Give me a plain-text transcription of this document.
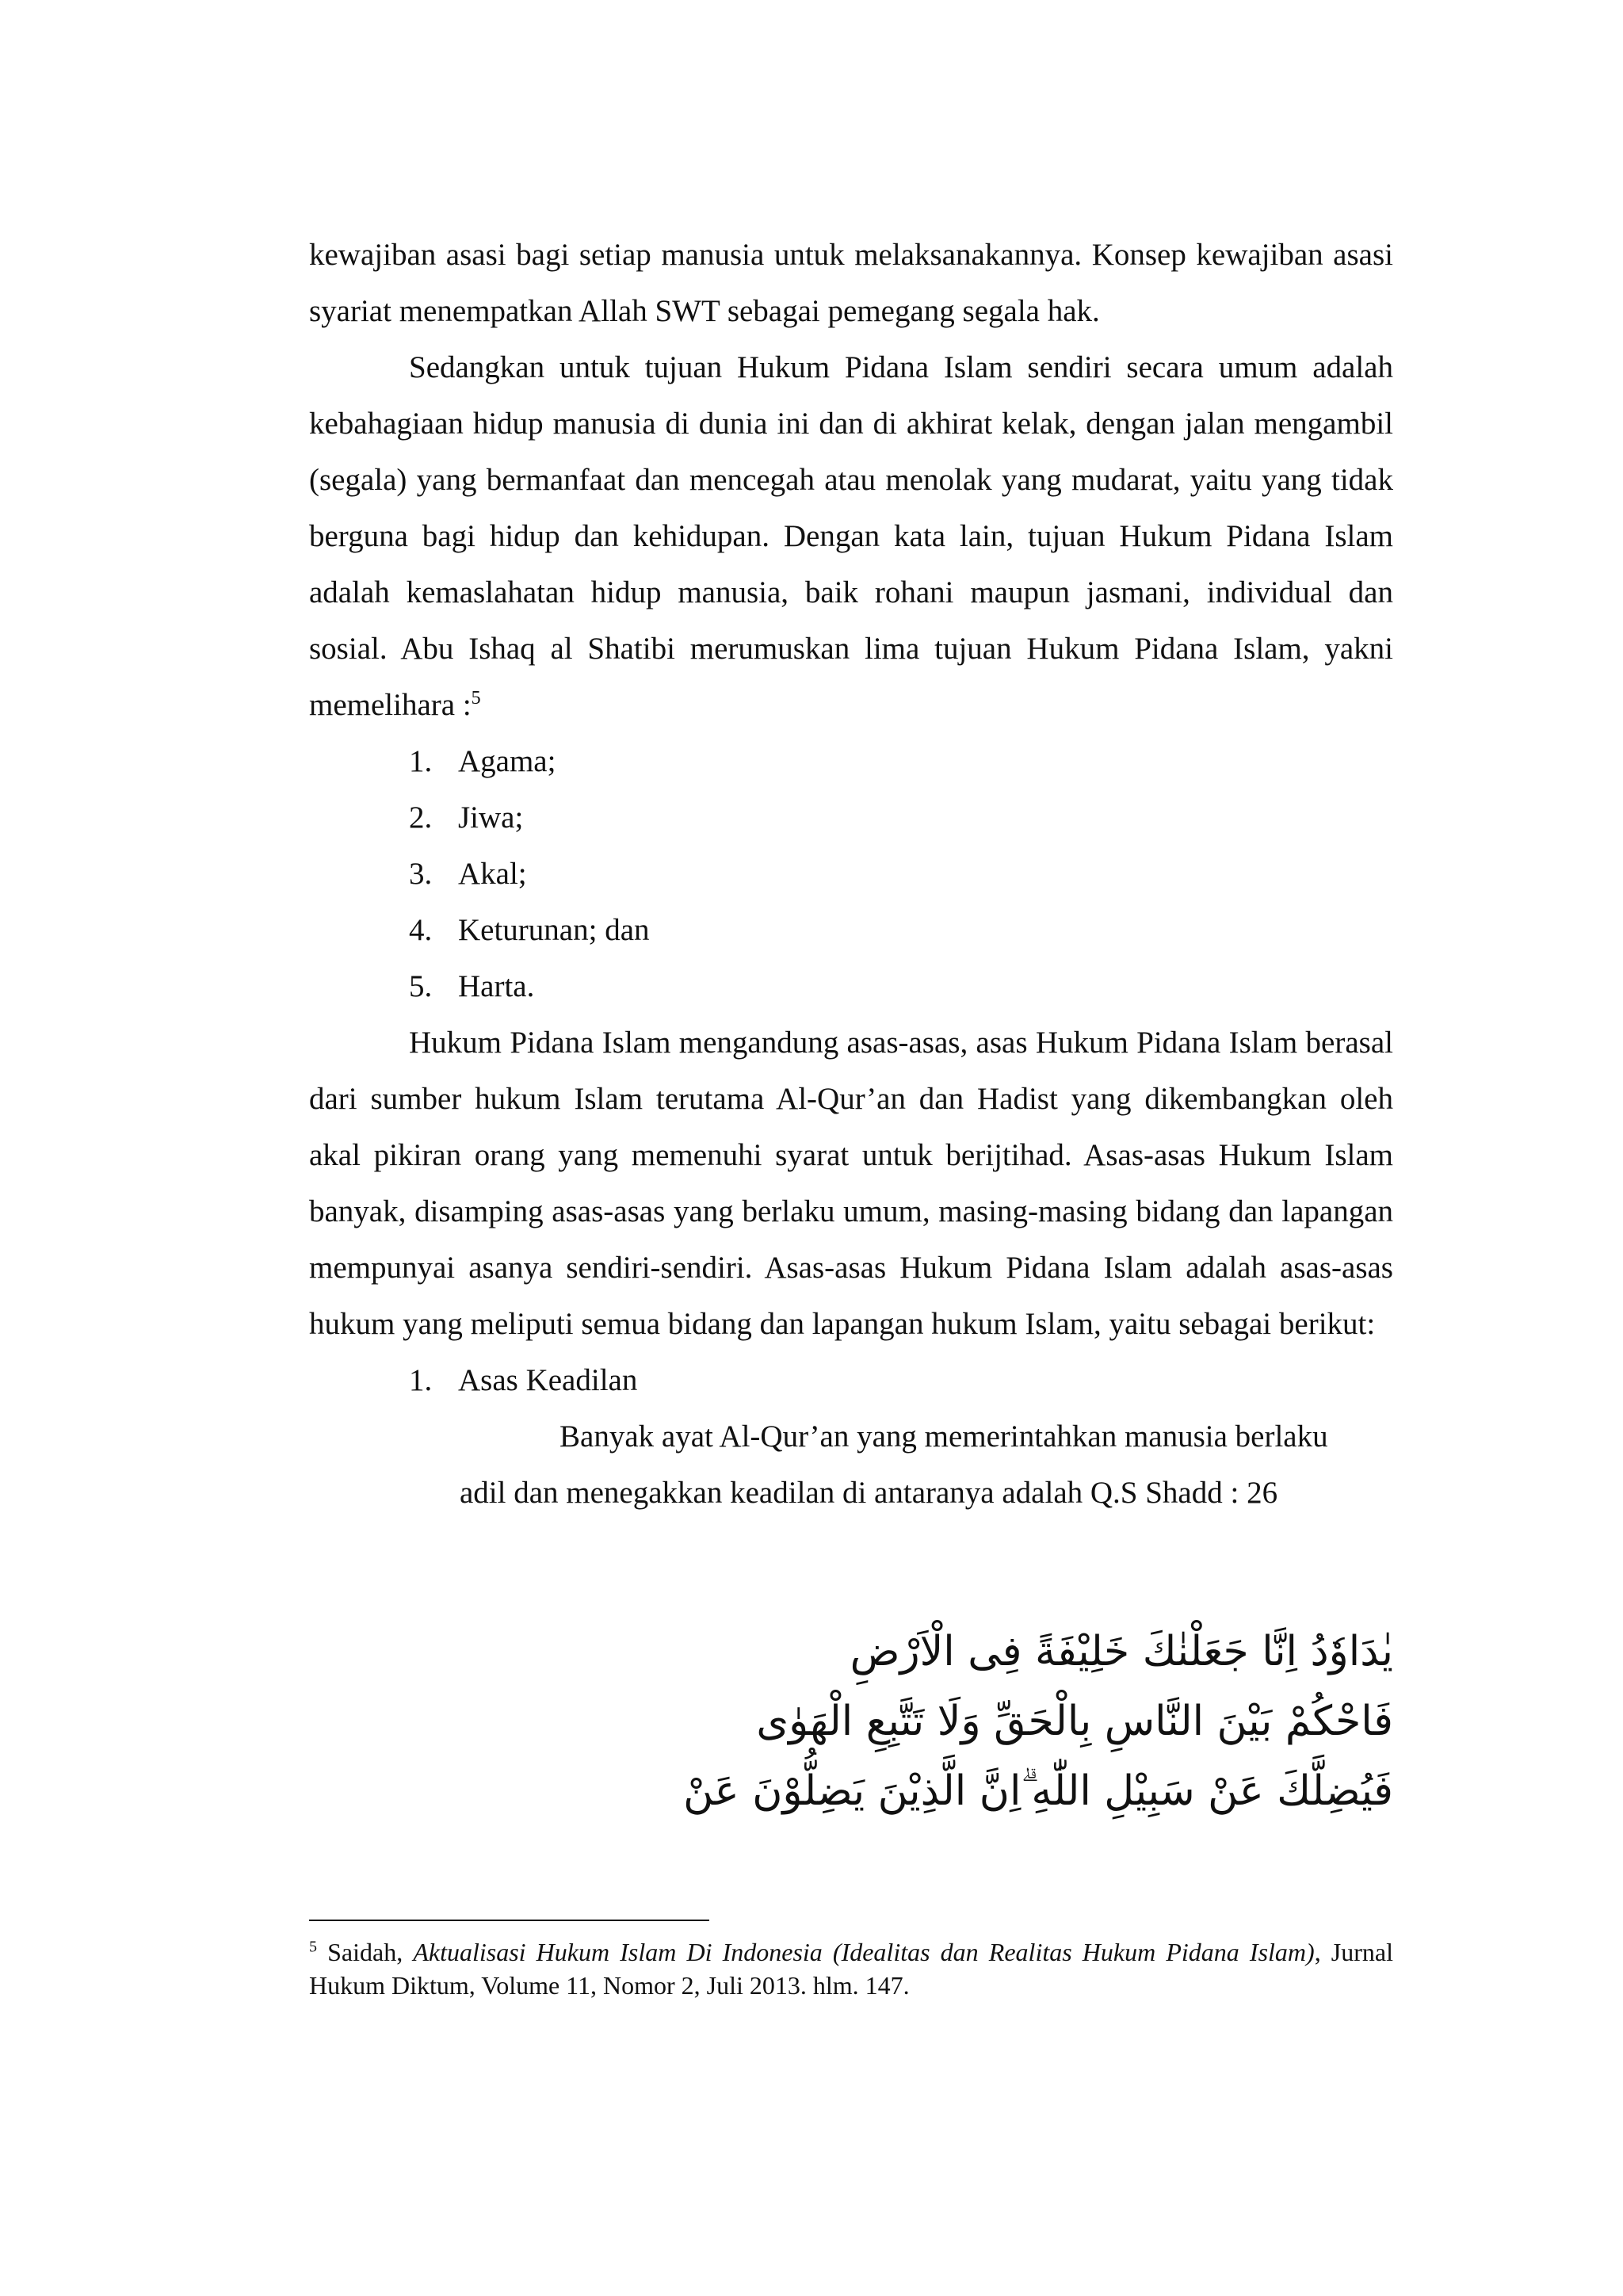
kewajiban asasi bagi setiap manusia untuk melaksanakannya. Konsep kewajiban asasi syariat menempatkan Allah SWT sebagai pemegang segala hak.

Sedangkan untuk tujuan Hukum Pidana Islam sendiri secara umum adalah kebahagiaan hidup manusia di dunia ini dan di akhirat kelak, dengan jalan mengambil (segala) yang bermanfaat dan mencegah atau menolak yang mudarat, yaitu yang tidak berguna bagi hidup dan kehidupan. Dengan kata lain, tujuan Hukum Pidana Islam adalah kemaslahatan hidup manusia, baik rohani maupun jasmani, individual dan sosial. Abu Ishaq al Shatibi merumuskan lima tujuan Hukum Pidana Islam, yakni memelihara :$^5$

1. Agama;
2. Jiwa;
3. Akal;
4. Keturunan; dan
5. Harta.

Hukum Pidana Islam mengandung asas-asas, asas Hukum Pidana Islam berasal dari sumber hukum Islam terutama Al-Qur’an dan Hadist yang dikembangkan oleh akal pikiran orang yang memenuhi syarat untuk berijtihad. Asas-asas Hukum Islam banyak, disamping asas-asas yang berlaku umum, masing-masing bidang dan lapangan mempunyai asanya sendiri-sendiri. Asas-asas Hukum Pidana Islam adalah asas-asas hukum yang meliputi semua bidang dan lapangan hukum Islam, yaitu sebagai berikut:

1. Asas Keadilan

Banyak ayat Al-Qur’an yang memerintahkan manusia berlaku
adil dan menegakkan keadilan di antaranya adalah Q.S Shadd : 26

يٰدَاوٗدُ اِنَّا جَعَلْنٰكَ خَلِيْفَةً فِى الْاَرْضِ
فَاحْكُمْ بَيْنَ النَّاسِ بِالْحَقِّ وَلَا تَتَّبِعِ الْهَوٰى
فَيُضِلَّكَ عَنْ سَبِيْلِ اللّٰهِ ۗاِنَّ الَّذِيْنَ يَضِلُّوْنَ عَنْ
$^5$ Saidah, Aktualisasi Hukum Islam Di Indonesia (Idealitas dan Realitas Hukum Pidana Islam), Jurnal Hukum Diktum, Volume 11, Nomor 2, Juli 2013. hlm. 147.
